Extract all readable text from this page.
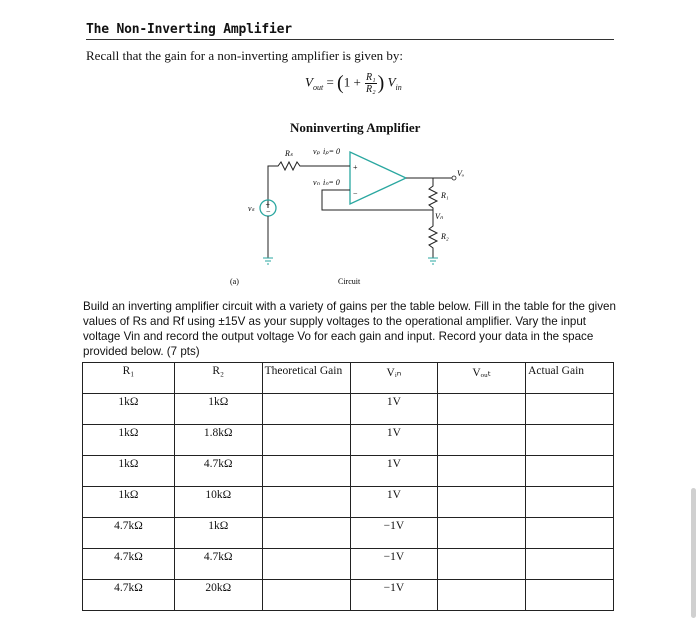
The Non-Inverting Amplifier
Recall that the gain for a non-inverting amplifier is given by:
$V_{out} = (1 + \frac{\text{R₁}}{\text{R₂}})$ $V_{in}$
Noninverting Amplifier
Rₛ	vₚ iₚ= 0
vₙ iₙ= 0
+
−
Vₒ
R₁
Vₙ
R₂
vₛ +
−
(a)	Circuit
Build an inverting amplifier circuit with a variety of gains per the table below. Fill in the table for the given values of Rs and Rf using ±15V as your supply voltages to the operational amplifier. Vary the input voltage Vin and record the output voltage Vo for each gain and input. Record your data in the space provided below. (7 pts)
R₁	R₂	Theoretical Gain	Vᵢₙ	Vₒᵤₜ	Actual Gain
1kΩ	1kΩ		1V		
1kΩ	1.8kΩ		1V		
1kΩ	4.7kΩ		1V		
1kΩ	10kΩ		1V		
4.7kΩ	1kΩ		−1V		
4.7kΩ	4.7kΩ		−1V		
4.7kΩ	20kΩ		−1V		
